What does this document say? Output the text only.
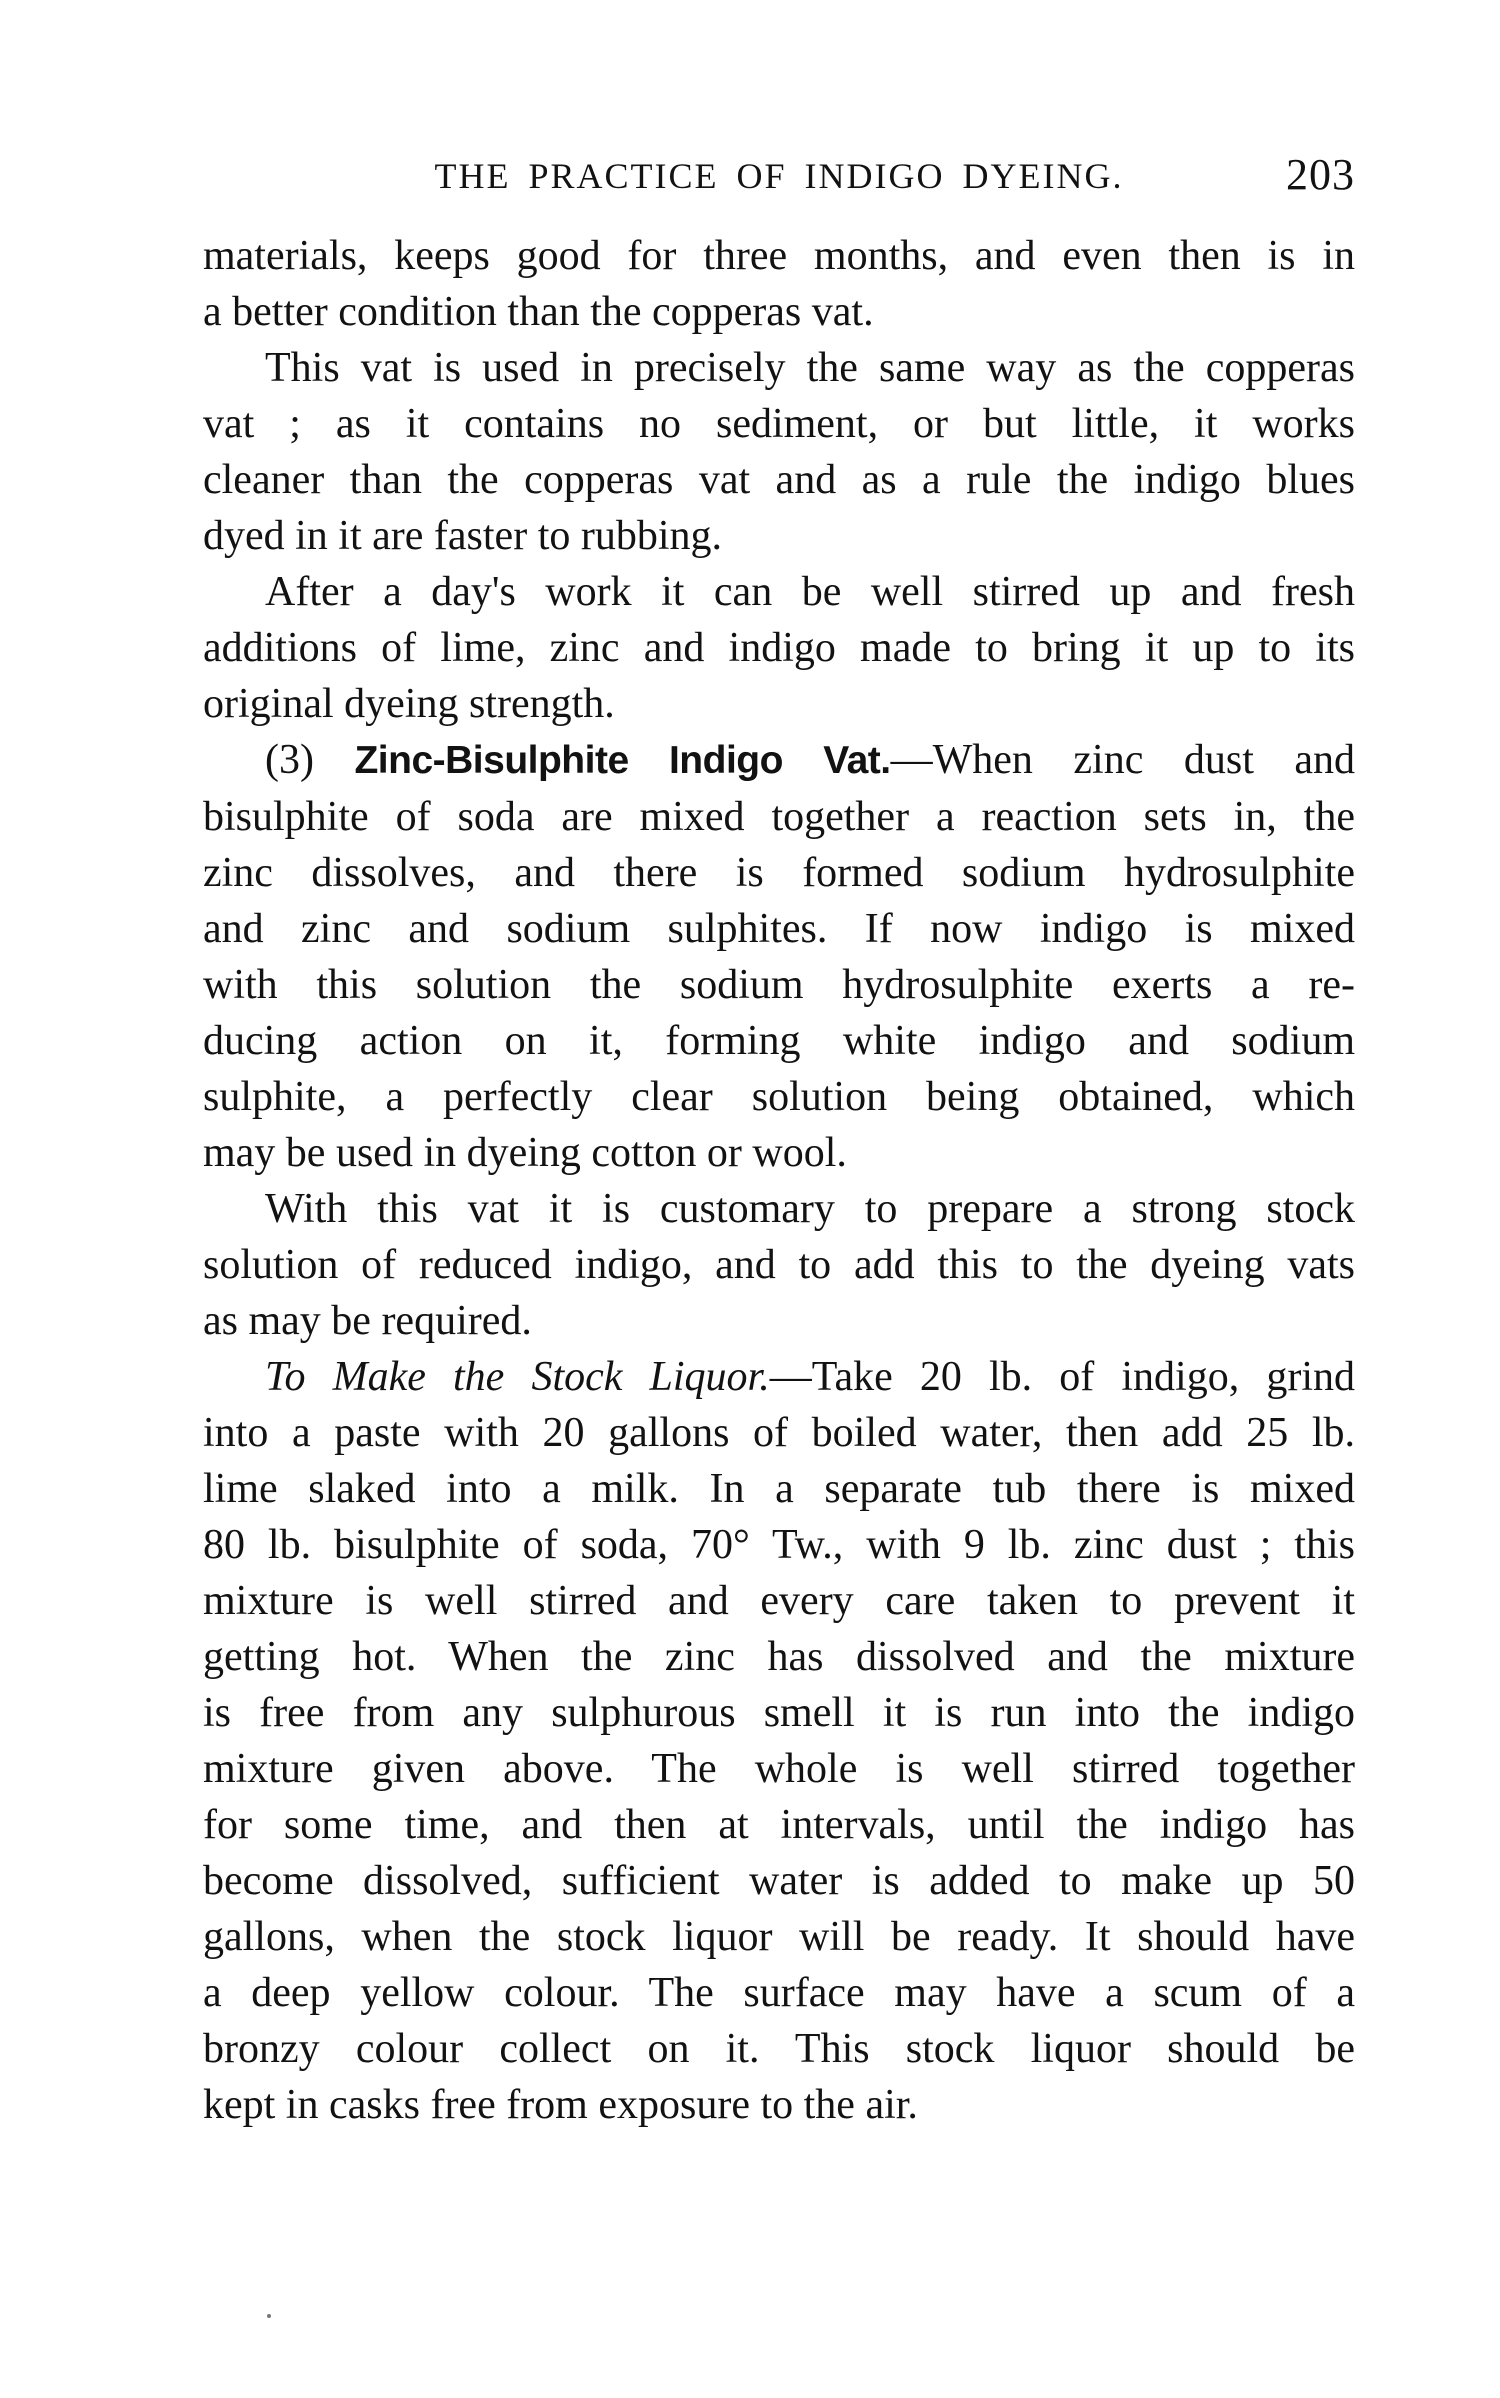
THE PRACTICE OF INDIGO DYEING.	203
materials, keeps good for three months, and even then is in
a better condition than the copperas vat.
This vat is used in precisely the same way as the copperas
vat ; as it contains no sediment, or but little, it works
cleaner than the copperas vat and as a rule the indigo blues
dyed in it are faster to rubbing.
After a day's work it can be well stirred up and fresh
additions of lime, zinc and indigo made to bring it up to its
original dyeing strength.
(3) Zinc-Bisulphite Indigo Vat.—When zinc dust and
bisulphite of soda are mixed together a reaction sets in, the
zinc dissolves, and there is formed sodium hydrosulphite
and zinc and sodium sulphites. If now indigo is mixed
with this solution the sodium hydrosulphite exerts a re-
ducing action on it, forming white indigo and sodium
sulphite, a perfectly clear solution being obtained, which
may be used in dyeing cotton or wool.
With this vat it is customary to prepare a strong stock
solution of reduced indigo, and to add this to the dyeing vats
as may be required.
To Make the Stock Liquor.—Take 20 lb. of indigo, grind
into a paste with 20 gallons of boiled water, then add 25 lb.
lime slaked into a milk. In a separate tub there is mixed
80 lb. bisulphite of soda, 70° Tw., with 9 lb. zinc dust ; this
mixture is well stirred and every care taken to prevent it
getting hot. When the zinc has dissolved and the mixture
is free from any sulphurous smell it is run into the indigo
mixture given above. The whole is well stirred together
for some time, and then at intervals, until the indigo has
become dissolved, sufficient water is added to make up 50
gallons, when the stock liquor will be ready. It should have
a deep yellow colour. The surface may have a scum of a
bronzy colour collect on it. This stock liquor should be
kept in casks free from exposure to the air.
